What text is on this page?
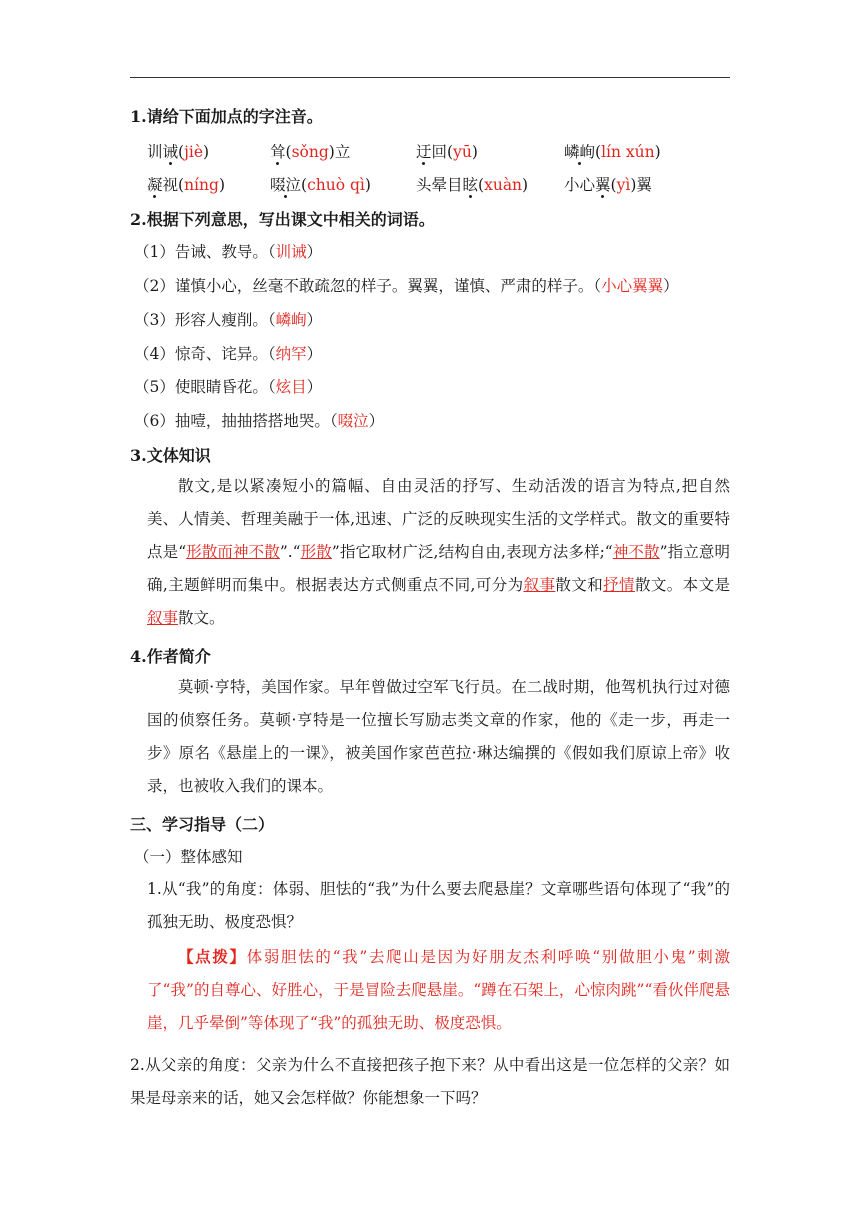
1.请给下面加点的字注音。
训诫(jiè)	耸(sǒng)立	迂回(yū)	嶙峋(lín xún)
凝视(níng)	啜泣(chuò qì)	头晕目眩(xuàn) 小心翼(yì)翼
2.根据下列意思，写出课文中相关的词语。
（1）告诫、教导。（训诫）
（2）谨慎小心，丝毫不敢疏忽的样子。翼翼，谨慎、严肃的样子。（小心翼翼）
（3）形容人瘦削。（嶙峋）
（4）惊奇、诧异。（纳罕）
（5）使眼睛昏花。（炫目）
（6）抽噎，抽抽搭搭地哭。（啜泣）
3.文体知识
散文,是以紧凑短小的篇幅、自由灵活的抒写、生动活泼的语言为特点,把自然美、人情美、哲理美融于一体,迅速、广泛的反映现实生活的文学样式。散文的重要特点是“形散而神不散”.“形散”指它取材广泛,结构自由,表现方法多样;“神不散”指立意明确,主题鲜明而集中。根据表达方式侧重点不同,可分为叙事散文和抒情散文。本文是叙事散文。
4.作者简介
莫顿·亨特，美国作家。早年曾做过空军飞行员。在二战时期，他驾机执行过对德国的侦察任务。莫顿·亨特是一位擅长写励志类文章的作家，他的《走一步，再走一步》原名《悬崖上的一课》，被美国作家芭芭拉·琳达编撰的《假如我们原谅上帝》收录，也被收入我们的课本。
三、学习指导（二）
（一）整体感知
1.从“我”的角度：体弱、胆怯的“我”为什么要去爬悬崖？文章哪些语句体现了“我”的孤独无助、极度恐惧？
【点拨】体弱胆怯的“我”去爬山是因为好朋友杰利呼唤“别做胆小鬼”刺激了“我”的自尊心、好胜心，于是冒险去爬悬崖。“蹲在石架上，心惊肉跳”“看伙伴爬悬崖，几乎晕倒”等体现了“我”的孤独无助、极度恐惧。
2.从父亲的角度：父亲为什么不直接把孩子抱下来？从中看出这是一位怎样的父亲？如果是母亲来的话，她又会怎样做？你能想象一下吗？
